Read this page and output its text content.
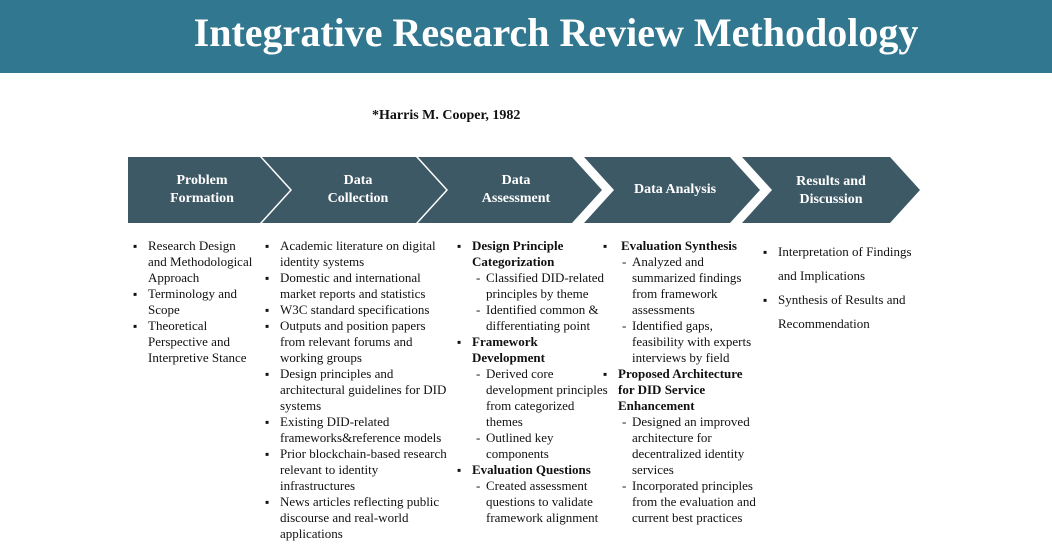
Integrative Research Review Methodology
*Harris M. Cooper, 1982
Problem
Formation
Data
Collection
Data
Assessment
Data Analysis
Results and
Discussion
▪ Research Design and Methodological Approach
▪ Terminology and Scope
▪ Theoretical Perspective and Interpretive Stance
▪ Academic literature on digital identity systems
▪ Domestic and international market reports and statistics
▪ W3C standard specifications
▪ Outputs and position papers from relevant forums and working groups
▪ Design principles and architectural guidelines for DID systems
▪ Existing DID-related frameworks&reference models
▪ Prior blockchain-based research relevant to identity infrastructures
▪ News articles reflecting public discourse and real-world applications
▪ Design Principle Categorization
- Classified DID-related principles by theme
- Identified common & differentiating point
▪ Framework Development
- Derived core development principles from categorized themes
- Outlined key components
▪ Evaluation Questions
- Created assessment questions to validate framework alignment
▪ Evaluation Synthesis
- Analyzed and summarized findings from framework assessments
- Identified gaps, feasibility with experts interviews by field
▪ Proposed Architecture for DID Service Enhancement
- Designed an improved architecture for decentralized identity services
- Incorporated principles from the evaluation and current best practices
▪ Interpretation of Findings and Implications
▪ Synthesis of Results and Recommendation
